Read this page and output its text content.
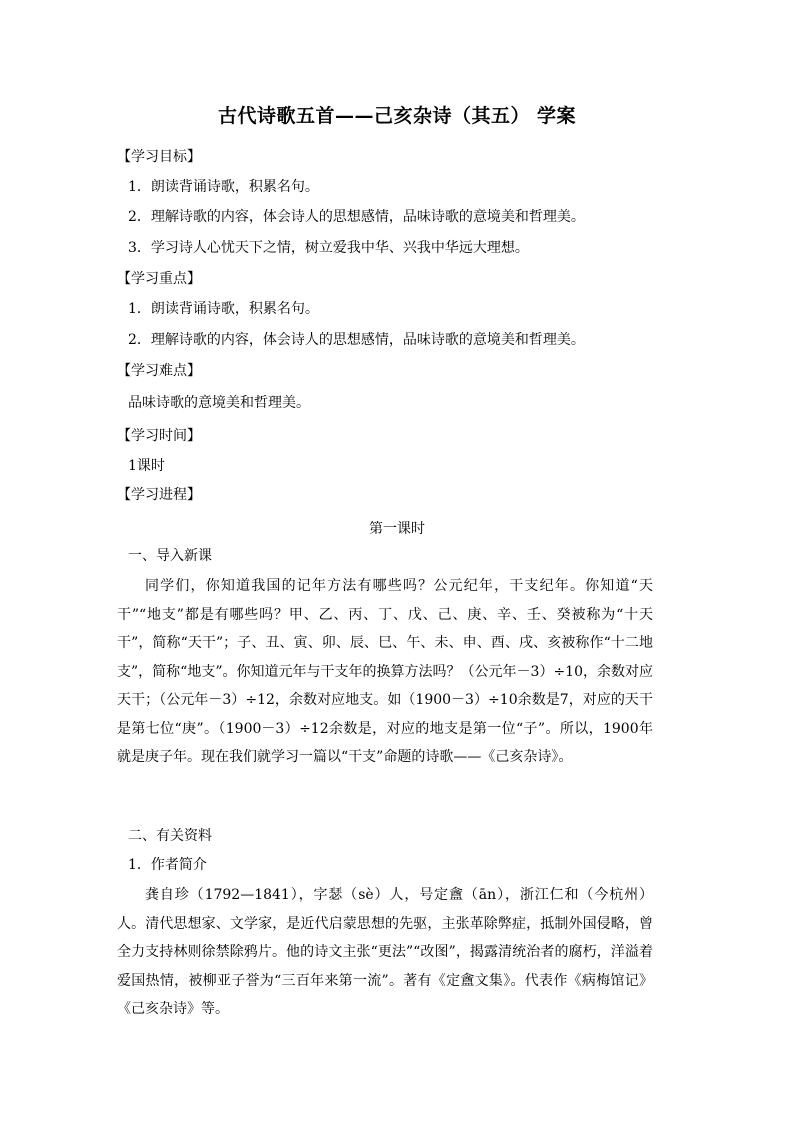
古代诗歌五首——己亥杂诗（其五） 学案
【学习目标】
1．朗读背诵诗歌，积累名句。
2．理解诗歌的内容，体会诗人的思想感情，品味诗歌的意境美和哲理美。
3．学习诗人心忧天下之情，树立爱我中华、兴我中华远大理想。
【学习重点】
1．朗读背诵诗歌，积累名句。
2．理解诗歌的内容，体会诗人的思想感情，品味诗歌的意境美和哲理美。
【学习难点】
品味诗歌的意境美和哲理美。
【学习时间】
1课时
【学习进程】
第一课时
一、导入新课

同学们，你知道我国的记年方法有哪些吗？公元纪年，干支纪年。你知道“天干”“地支”都是有哪些吗？甲、乙、丙、丁、戊、己、庚、辛、壬、癸被称为“十天干”，简称“天干”；子、丑、寅、卯、辰、巳、午、未、申、酉、戌、亥被称作“十二地支”，简称“地支”。你知道元年与干支年的换算方法吗？（公元年－3）÷10，余数对应天干；（公元年－3）÷12，余数对应地支。如（1900－3）÷10余数是7，对应的天干是第七位“庚”。（1900－3）÷12余数是，对应的地支是第一位“子”。所以，1900年就是庚子年。现在我们就学习一篇以“干支”命题的诗歌——《己亥杂诗》。

二、有关资料
1．作者简介

龚自珍（1792—1841），字瑟（sè）人，号定盦（ān），浙江仁和（今杭州）人。清代思想家、文学家，是近代启蒙思想的先驱，主张革除弊症，抵制外国侵略，曾全力支持林则徐禁除鸦片。他的诗文主张“更法”“改图”，揭露清统治者的腐朽，洋溢着爱国热情，被柳亚子誉为“三百年来第一流”。著有《定盦文集》。代表作《病梅馆记》《己亥杂诗》等。
